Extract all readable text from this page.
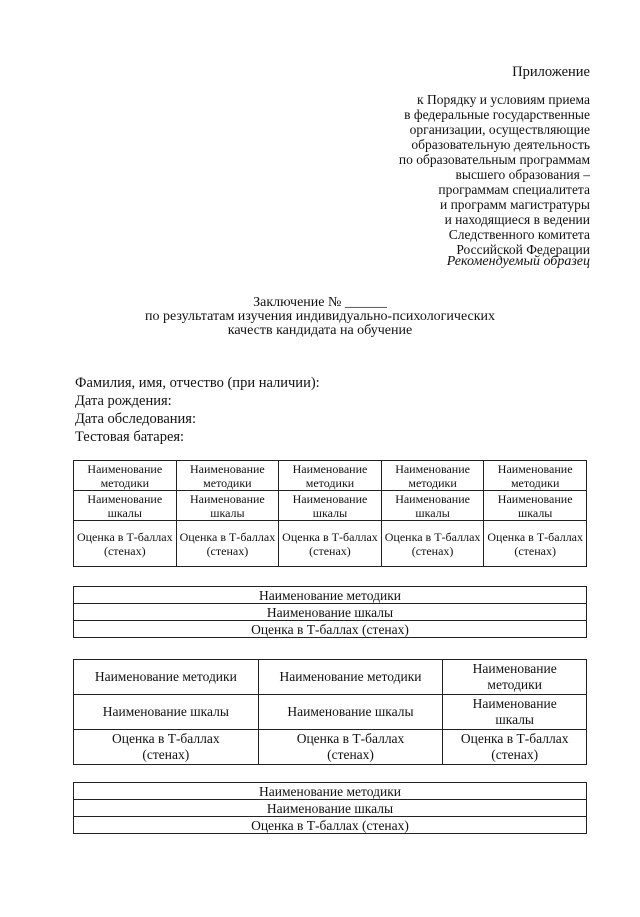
Приложение
к Порядку и условиям приема
в федеральные государственные
организации, осуществляющие
образовательную деятельность
по образовательным программам
высшего образования –
программам специалитета
и программ магистратуры
и находящиеся в ведении
Следственного комитета
Российской Федерации
Рекомендуемый образец
Заключение № ______
по результатам изучения индивидуально-психологических
качеств кандидата на обучение
Фамилия, имя, отчество (при наличии):
Дата рождения:
Дата обследования:
Тестовая батарея:
Наименование методики	Наименование методики	Наименование методики	Наименование методики	Наименование методики
Наименование шкалы	Наименование шкалы	Наименование шкалы	Наименование шкалы	Наименование шкалы
Оценка в Т-баллах (стенах)	Оценка в Т-баллах (стенах)	Оценка в Т-баллах (стенах)	Оценка в Т-баллах (стенах)	Оценка в Т-баллах (стенах)
Наименование методики
Наименование шкалы
Оценка в Т-баллах (стенах)
Наименование методики	Наименование методики	Наименование методики
Наименование шкалы	Наименование шкалы	Наименование шкалы
Оценка в Т-баллах (стенах)	Оценка в Т-баллах (стенах)	Оценка в Т-баллах (стенах)
Наименование методики
Наименование шкалы
Оценка в Т-баллах (стенах)
